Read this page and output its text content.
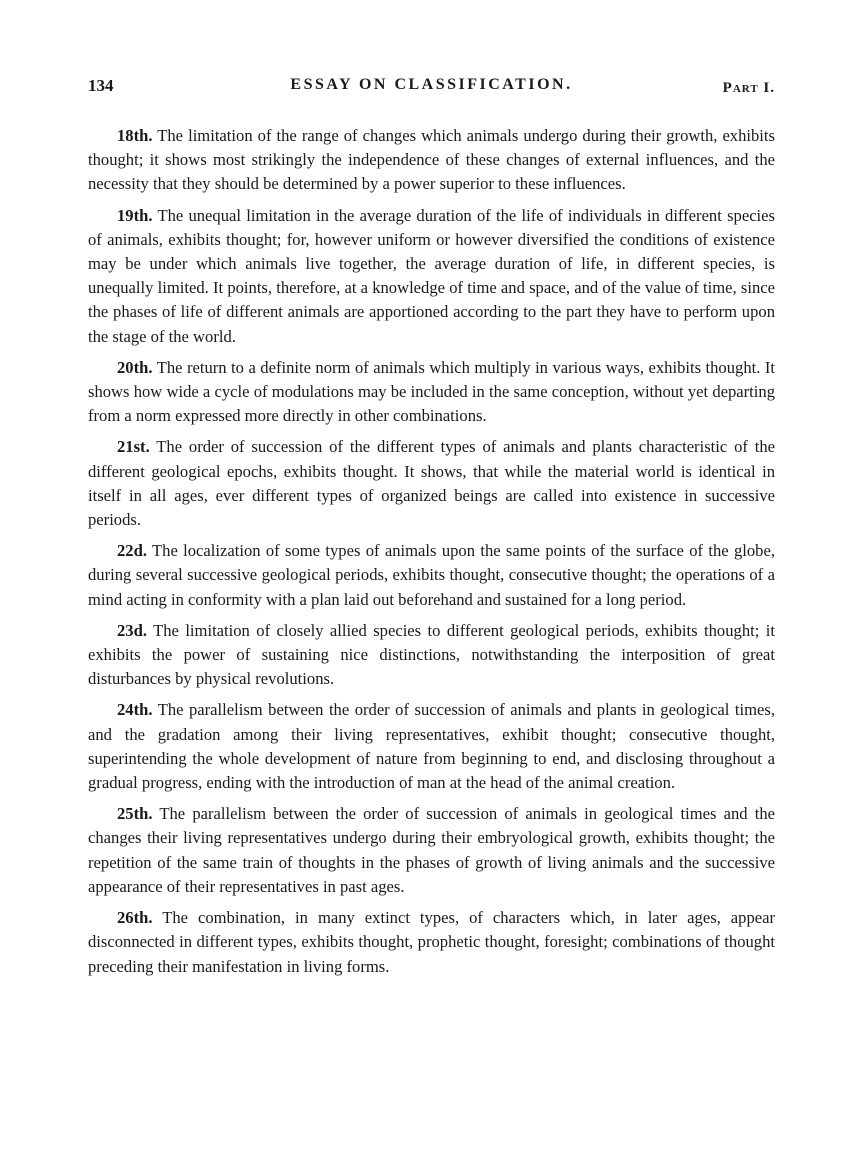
134	ESSAY ON CLASSIFICATION.	Part I.

18th. The limitation of the range of changes which animals undergo during their growth, exhibits thought; it shows most strikingly the independence of these changes of external influences, and the necessity that they should be determined by a power superior to these influences.

19th. The unequal limitation in the average duration of the life of individuals in different species of animals, exhibits thought; for, however uniform or however diversified the conditions of existence may be under which animals live together, the average duration of life, in different species, is unequally limited. It points, therefore, at a knowledge of time and space, and of the value of time, since the phases of life of different animals are apportioned according to the part they have to perform upon the stage of the world.

20th. The return to a definite norm of animals which multiply in various ways, exhibits thought. It shows how wide a cycle of modulations may be included in the same conception, without yet departing from a norm expressed more directly in other combinations.

21st. The order of succession of the different types of animals and plants characteristic of the different geological epochs, exhibits thought. It shows, that while the material world is identical in itself in all ages, ever different types of organized beings are called into existence in successive periods.

22d. The localization of some types of animals upon the same points of the surface of the globe, during several successive geological periods, exhibits thought, consecutive thought; the operations of a mind acting in conformity with a plan laid out beforehand and sustained for a long period.

23d. The limitation of closely allied species to different geological periods, exhibits thought; it exhibits the power of sustaining nice distinctions, notwithstanding the interposition of great disturbances by physical revolutions.

24th. The parallelism between the order of succession of animals and plants in geological times, and the gradation among their living representatives, exhibit thought; consecutive thought, superintending the whole development of nature from beginning to end, and disclosing throughout a gradual progress, ending with the introduction of man at the head of the animal creation.

25th. The parallelism between the order of succession of animals in geological times and the changes their living representatives undergo during their embryological growth, exhibits thought; the repetition of the same train of thoughts in the phases of growth of living animals and the successive appearance of their representatives in past ages.

26th. The combination, in many extinct types, of characters which, in later ages, appear disconnected in different types, exhibits thought, prophetic thought, foresight; combinations of thought preceding their manifestation in living forms.
